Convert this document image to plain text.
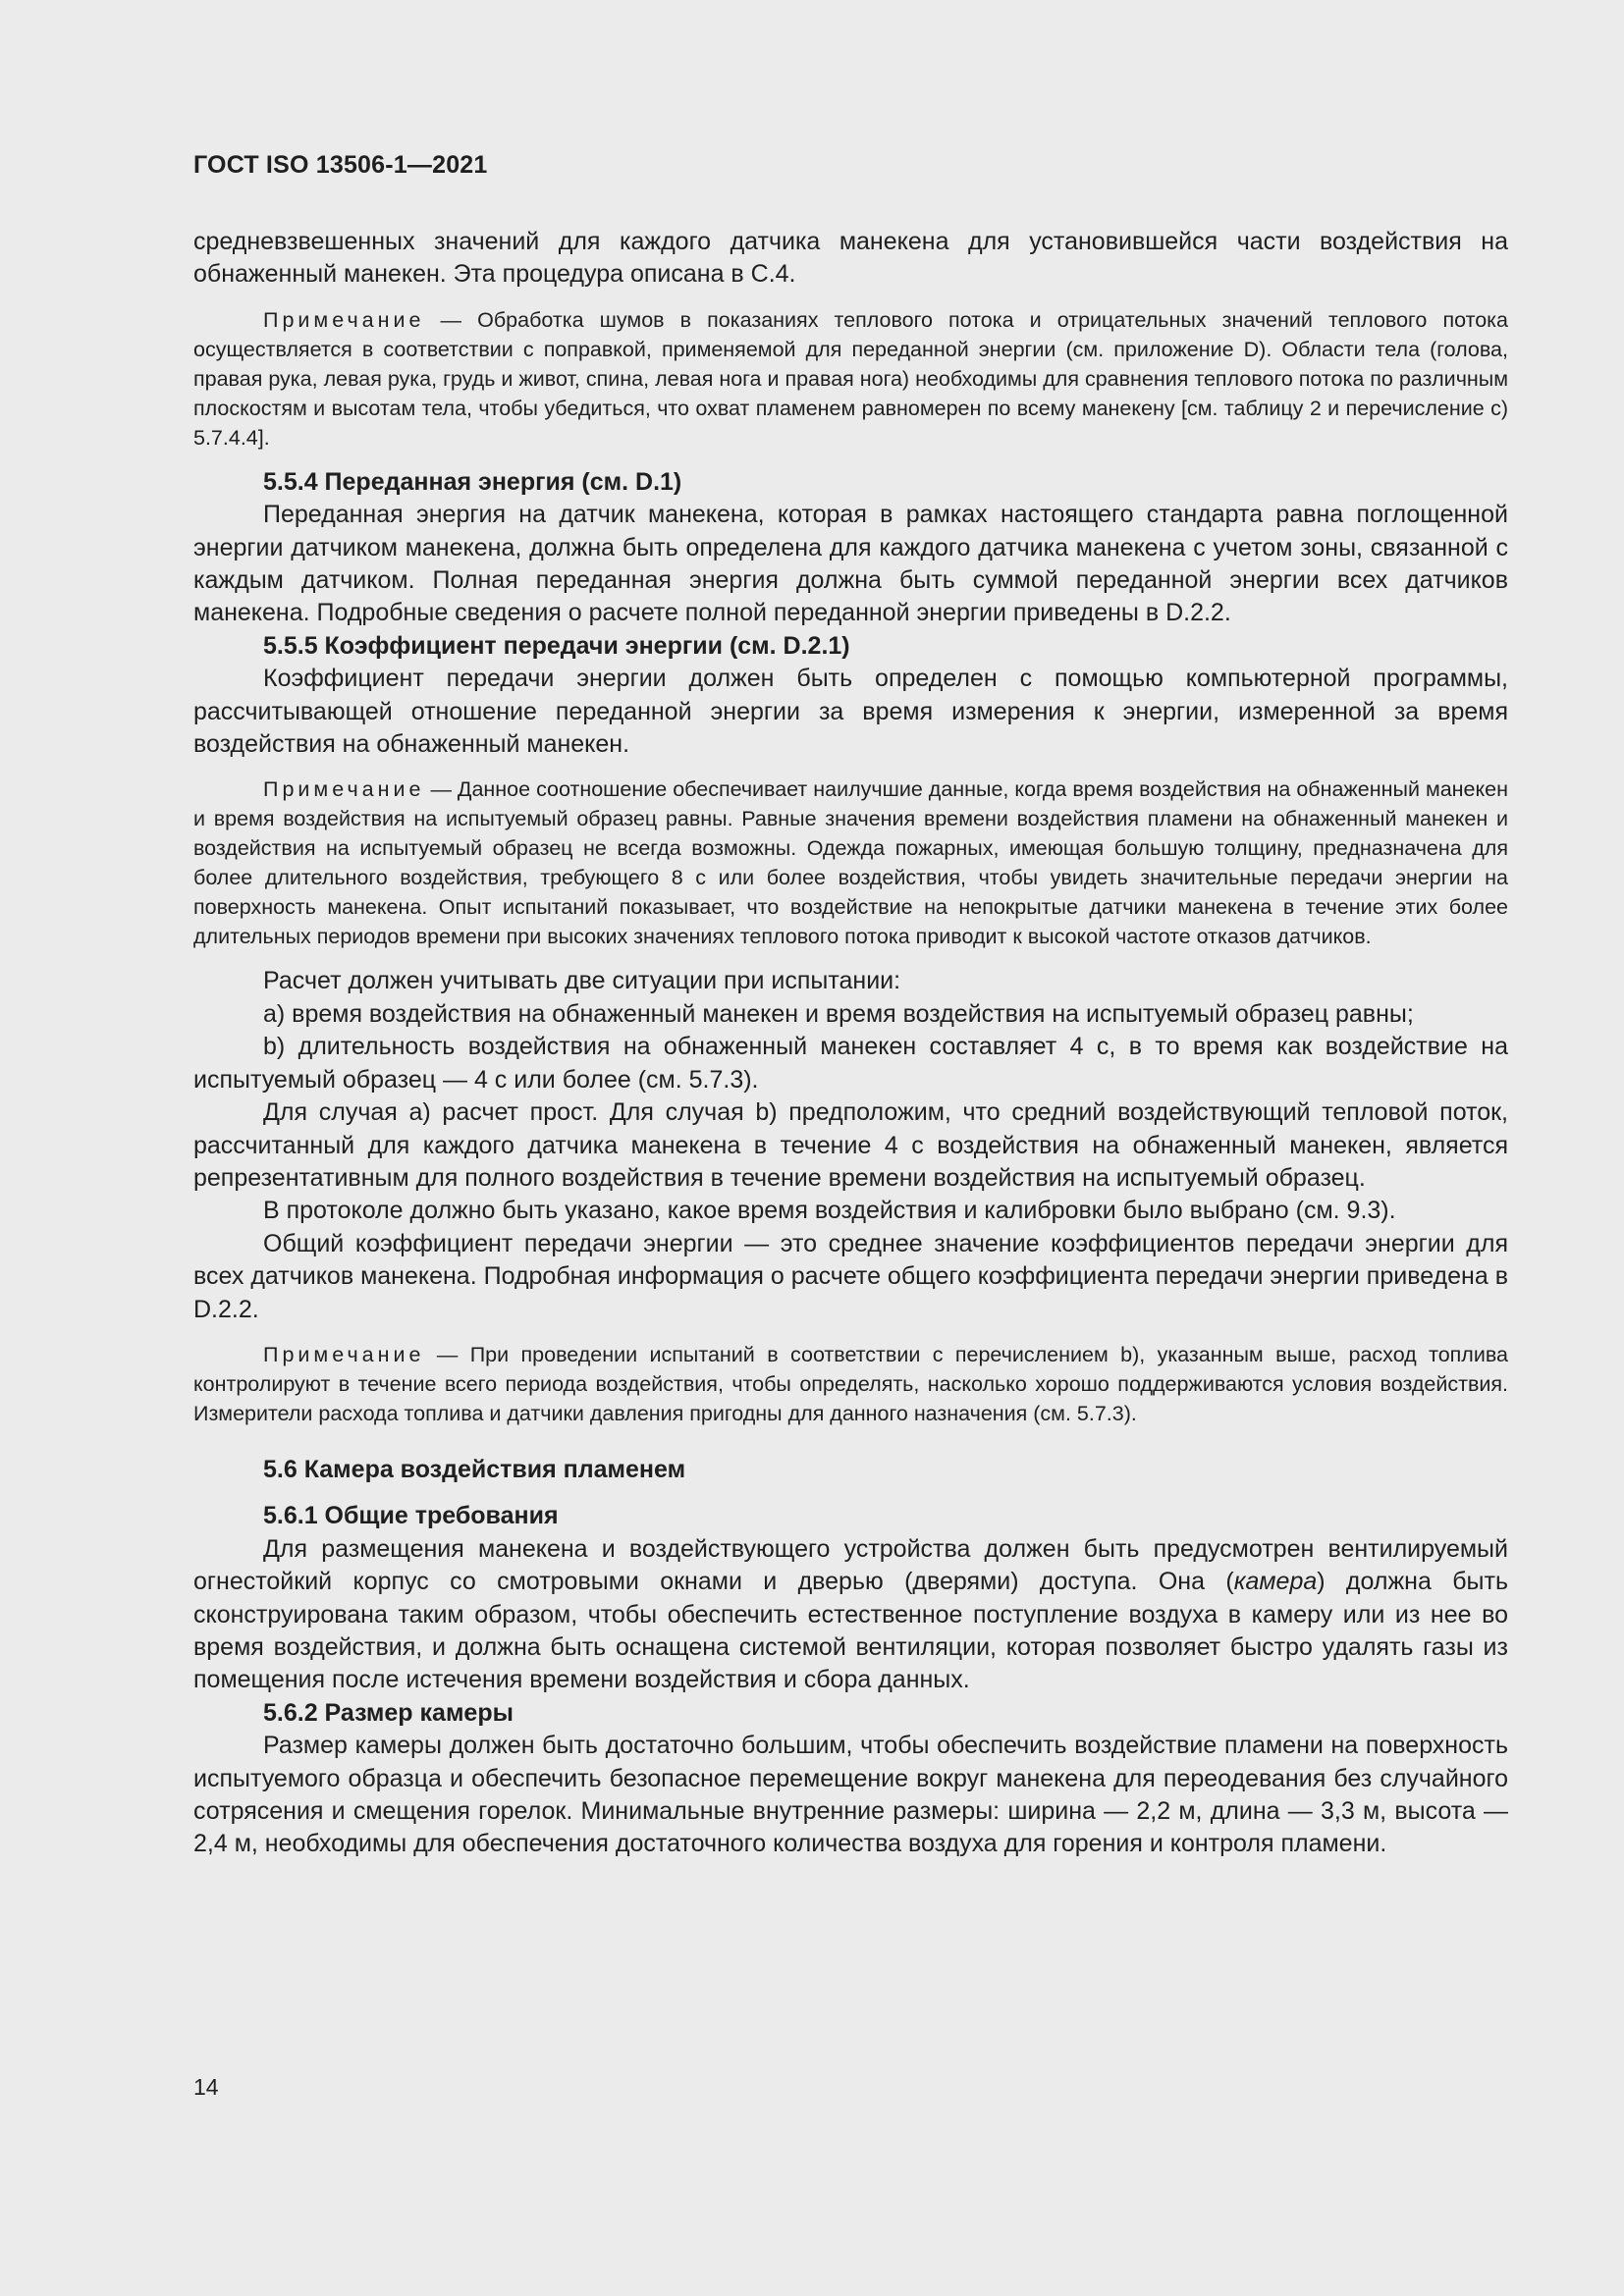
ГОСТ ISO 13506-1—2021

средневзвешенных значений для каждого датчика манекена для установившейся части воздействия на обнаженный манекен. Эта процедура описана в С.4.

Примечание — Обработка шумов в показаниях теплового потока и отрицательных значений теплового потока осуществляется в соответствии с поправкой, применяемой для переданной энергии (см. приложение D). Области тела (голова, правая рука, левая рука, грудь и живот, спина, левая нога и правая нога) необходимы для сравнения теплового потока по различным плоскостям и высотам тела, чтобы убедиться, что охват пламенем равномерен по всему манекену [см. таблицу 2 и перечисление с) 5.7.4.4].

5.5.4 Переданная энергия (см. D.1)

Переданная энергия на датчик манекена, которая в рамках настоящего стандарта равна поглощенной энергии датчиком манекена, должна быть определена для каждого датчика манекена с учетом зоны, связанной с каждым датчиком. Полная переданная энергия должна быть суммой переданной энергии всех датчиков манекена. Подробные сведения о расчете полной переданной энергии приведены в D.2.2.

5.5.5 Коэффициент передачи энергии (см. D.2.1)

Коэффициент передачи энергии должен быть определен с помощью компьютерной программы, рассчитывающей отношение переданной энергии за время измерения к энергии, измеренной за время воздействия на обнаженный манекен.

Примечание — Данное соотношение обеспечивает наилучшие данные, когда время воздействия на обнаженный манекен и время воздействия на испытуемый образец равны. Равные значения времени воздействия пламени на обнаженный манекен и воздействия на испытуемый образец не всегда возможны. Одежда пожарных, имеющая большую толщину, предназначена для более длительного воздействия, требующего 8 с или более воздействия, чтобы увидеть значительные передачи энергии на поверхность манекена. Опыт испытаний показывает, что воздействие на непокрытые датчики манекена в течение этих более длительных периодов времени при высоких значениях теплового потока приводит к высокой частоте отказов датчиков.

Расчет должен учитывать две ситуации при испытании:

а) время воздействия на обнаженный манекен и время воздействия на испытуемый образец равны;

b) длительность воздействия на обнаженный манекен составляет 4 с, в то время как воздействие на испытуемый образец — 4 с или более (см. 5.7.3).

Для случая а) расчет прост. Для случая b) предположим, что средний воздействующий тепловой поток, рассчитанный для каждого датчика манекена в течение 4 с воздействия на обнаженный манекен, является репрезентативным для полного воздействия в течение времени воздействия на испытуемый образец.

В протоколе должно быть указано, какое время воздействия и калибровки было выбрано (см. 9.3).

Общий коэффициент передачи энергии — это среднее значение коэффициентов передачи энергии для всех датчиков манекена. Подробная информация о расчете общего коэффициента передачи энергии приведена в D.2.2.

Примечание — При проведении испытаний в соответствии с перечислением b), указанным выше, расход топлива контролируют в течение всего периода воздействия, чтобы определять, насколько хорошо поддерживаются условия воздействия. Измерители расхода топлива и датчики давления пригодны для данного назначения (см. 5.7.3).

5.6 Камера воздействия пламенем
5.6.1 Общие требования

Для размещения манекена и воздействующего устройства должен быть предусмотрен вентилируемый огнестойкий корпус со смотровыми окнами и дверью (дверями) доступа. Она (камера) должна быть сконструирована таким образом, чтобы обеспечить естественное поступление воздуха в камеру или из нее во время воздействия, и должна быть оснащена системой вентиляции, которая позволяет быстро удалять газы из помещения после истечения времени воздействия и сбора данных.

5.6.2 Размер камеры

Размер камеры должен быть достаточно большим, чтобы обеспечить воздействие пламени на поверхность испытуемого образца и обеспечить безопасное перемещение вокруг манекена для переодевания без случайного сотрясения и смещения горелок. Минимальные внутренние размеры: ширина — 2,2 м, длина — 3,3 м, высота — 2,4 м, необходимы для обеспечения достаточного количества воздуха для горения и контроля пламени.

14
